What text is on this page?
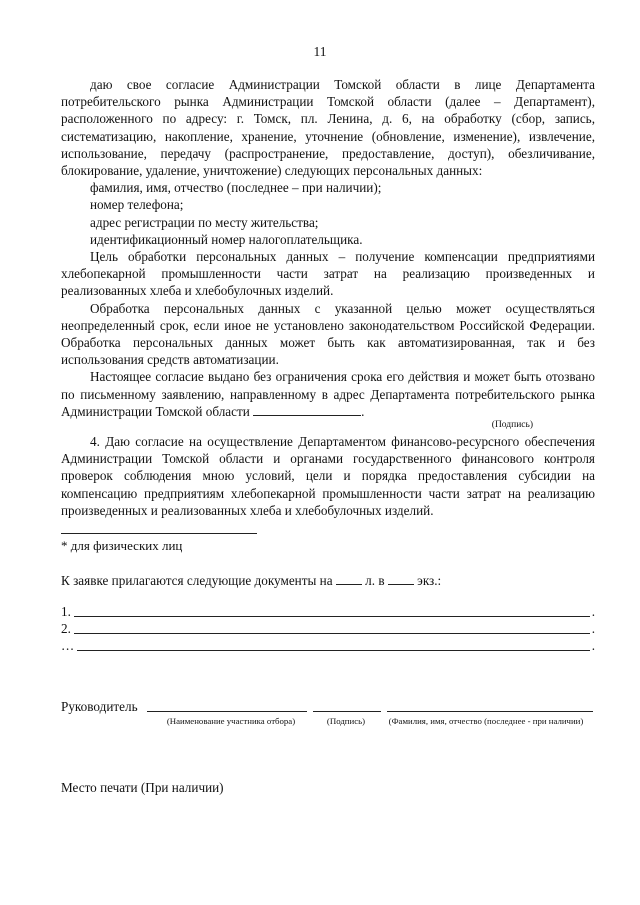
11

даю свое согласие Администрации Томской области в лице Департамента потребительского рынка Администрации Томской области (далее – Департамент), расположенного по адресу: г. Томск, пл. Ленина, д. 6, на обработку (сбор, запись, систематизацию, накопление, хранение, уточнение (обновление, изменение), извлечение, использование, передачу (распространение, предоставление, доступ), обезличивание, блокирование, удаление, уничтожение) следующих персональных данных:

фамилия, имя, отчество (последнее – при наличии);

номер телефона;

адрес регистрации по месту жительства;

идентификационный номер налогоплательщика.

Цель обработки персональных данных – получение компенсации предприятиями хлебопекарной промышленности части затрат на реализацию произведенных и реализованных хлеба и хлебобулочных изделий.

Обработка персональных данных с указанной целью может осуществляться неопределенный срок, если иное не установлено законодательством Российской Федерации. Обработка персональных данных может быть как автоматизированная, так и без использования средств автоматизации.

Настоящее согласие выдано без ограничения срока его действия и может быть отозвано по письменному заявлению, направленному в адрес Департамента потребительского рынка Администрации Томской области	.

(Подпись)

4. Даю согласие на осуществление Департаментом финансово-ресурсного обеспечения Администрации Томской области и органами государственного финансового контроля проверок соблюдения мною условий, цели и порядка предоставления субсидии на компенсацию предприятиям хлебопекарной промышленности части затрат на реализацию произведенных и реализованных хлеба и хлебобулочных изделий.

* для физических лиц
К заявке прилагаются следующие документы на л. в экз.:
1.	.
2.	.
…	.
Руководитель
(Наименование участника отбора)	(Подпись)	(Фамилия, имя, отчество (последнее - при наличии)
Место печати (При наличии)
